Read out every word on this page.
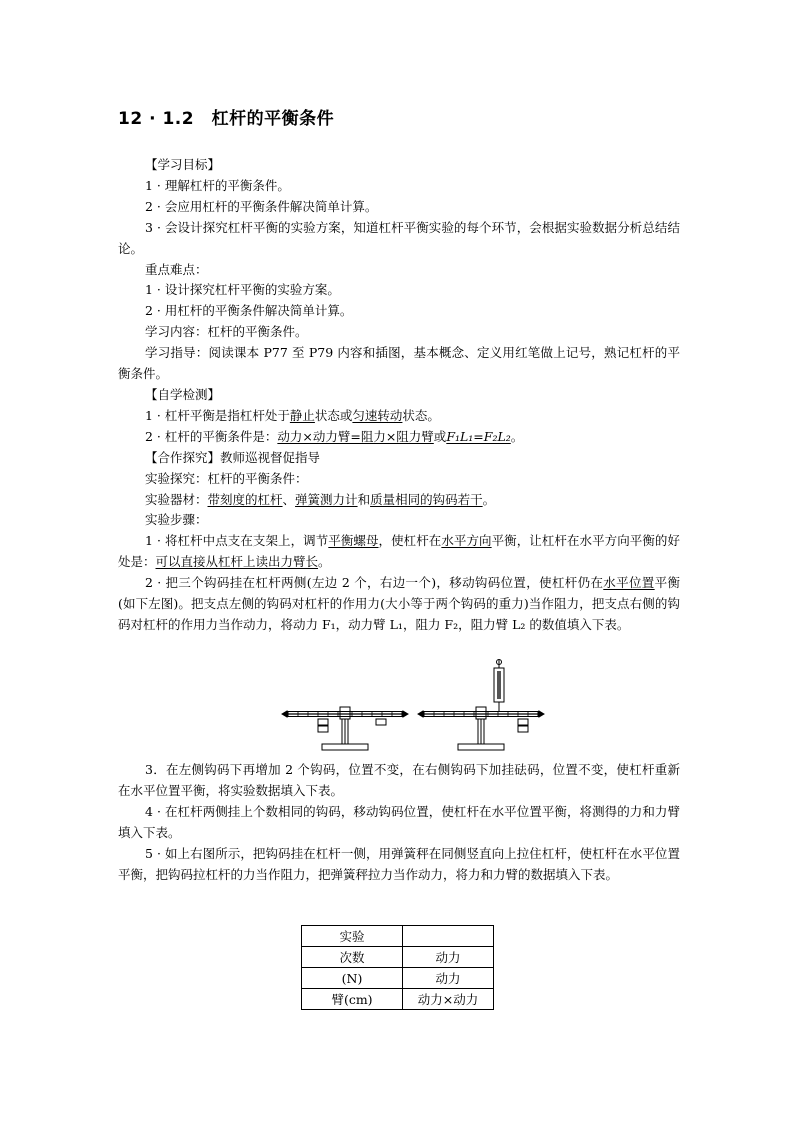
12 · 1.2　杠杆的平衡条件

【学习目标】

1 · 理解杠杆的平衡条件。

2 · 会应用杠杆的平衡条件解决简单计算。

3 · 会设计探究杠杆平衡的实验方案，知道杠杆平衡实验的每个环节，会根据实验数据分析总结结论。

重点难点：

1 · 设计探究杠杆平衡的实验方案。

2 · 用杠杆的平衡条件解决简单计算。

学习内容：杠杆的平衡条件。

学习指导：阅读课本 P77 至 P79 内容和插图，基本概念、定义用红笔做上记号，熟记杠杆的平衡条件。

【自学检测】

1 · 杠杆平衡是指杠杆处于静止状态或匀速转动状态。

2 · 杠杆的平衡条件是：动力×动力臂=阻力×阻力臂或F₁L₁=F₂L₂。

【合作探究】教师巡视督促指导

实验探究：杠杆的平衡条件：

实验器材：带刻度的杠杆、弹簧测力计和质量相同的钩码若干。

实验步骤：

1 · 将杠杆中点支在支架上，调节平衡螺母，使杠杆在水平方向平衡，让杠杆在水平方向平衡的好处是：可以直接从杠杆上读出力臂长。

2 · 把三个钩码挂在杠杆两侧(左边 2 个，右边一个)，移动钩码位置，使杠杆仍在水平位置平衡(如下左图)。把支点左侧的钩码对杠杆的作用力(大小等于两个钩码的重力)当作阻力，把支点右侧的钩码对杠杆的作用力当作动力，将动力 F₁，动力臂 L₁，阻力 F₂，阻力臂 L₂ 的数值填入下表。

3．在左侧钩码下再增加 2 个钩码，位置不变，在右侧钩码下加挂砝码，位置不变，使杠杆重新在水平位置平衡，将实验数据填入下表。

4 · 在杠杆两侧挂上个数相同的钩码，移动钩码位置，使杠杆在水平位置平衡，将测得的力和力臂填入下表。

5 · 如上右图所示，把钩码挂在杠杆一侧，用弹簧秤在同侧竖直向上拉住杠杆，使杠杆在水平位置平衡，把钩码拉杠杆的力当作阻力，把弹簧秤拉力当作动力，将力和力臂的数据填入下表。

实验	
次数	动力
(N)	动力
臂(cm)	动力×动力
